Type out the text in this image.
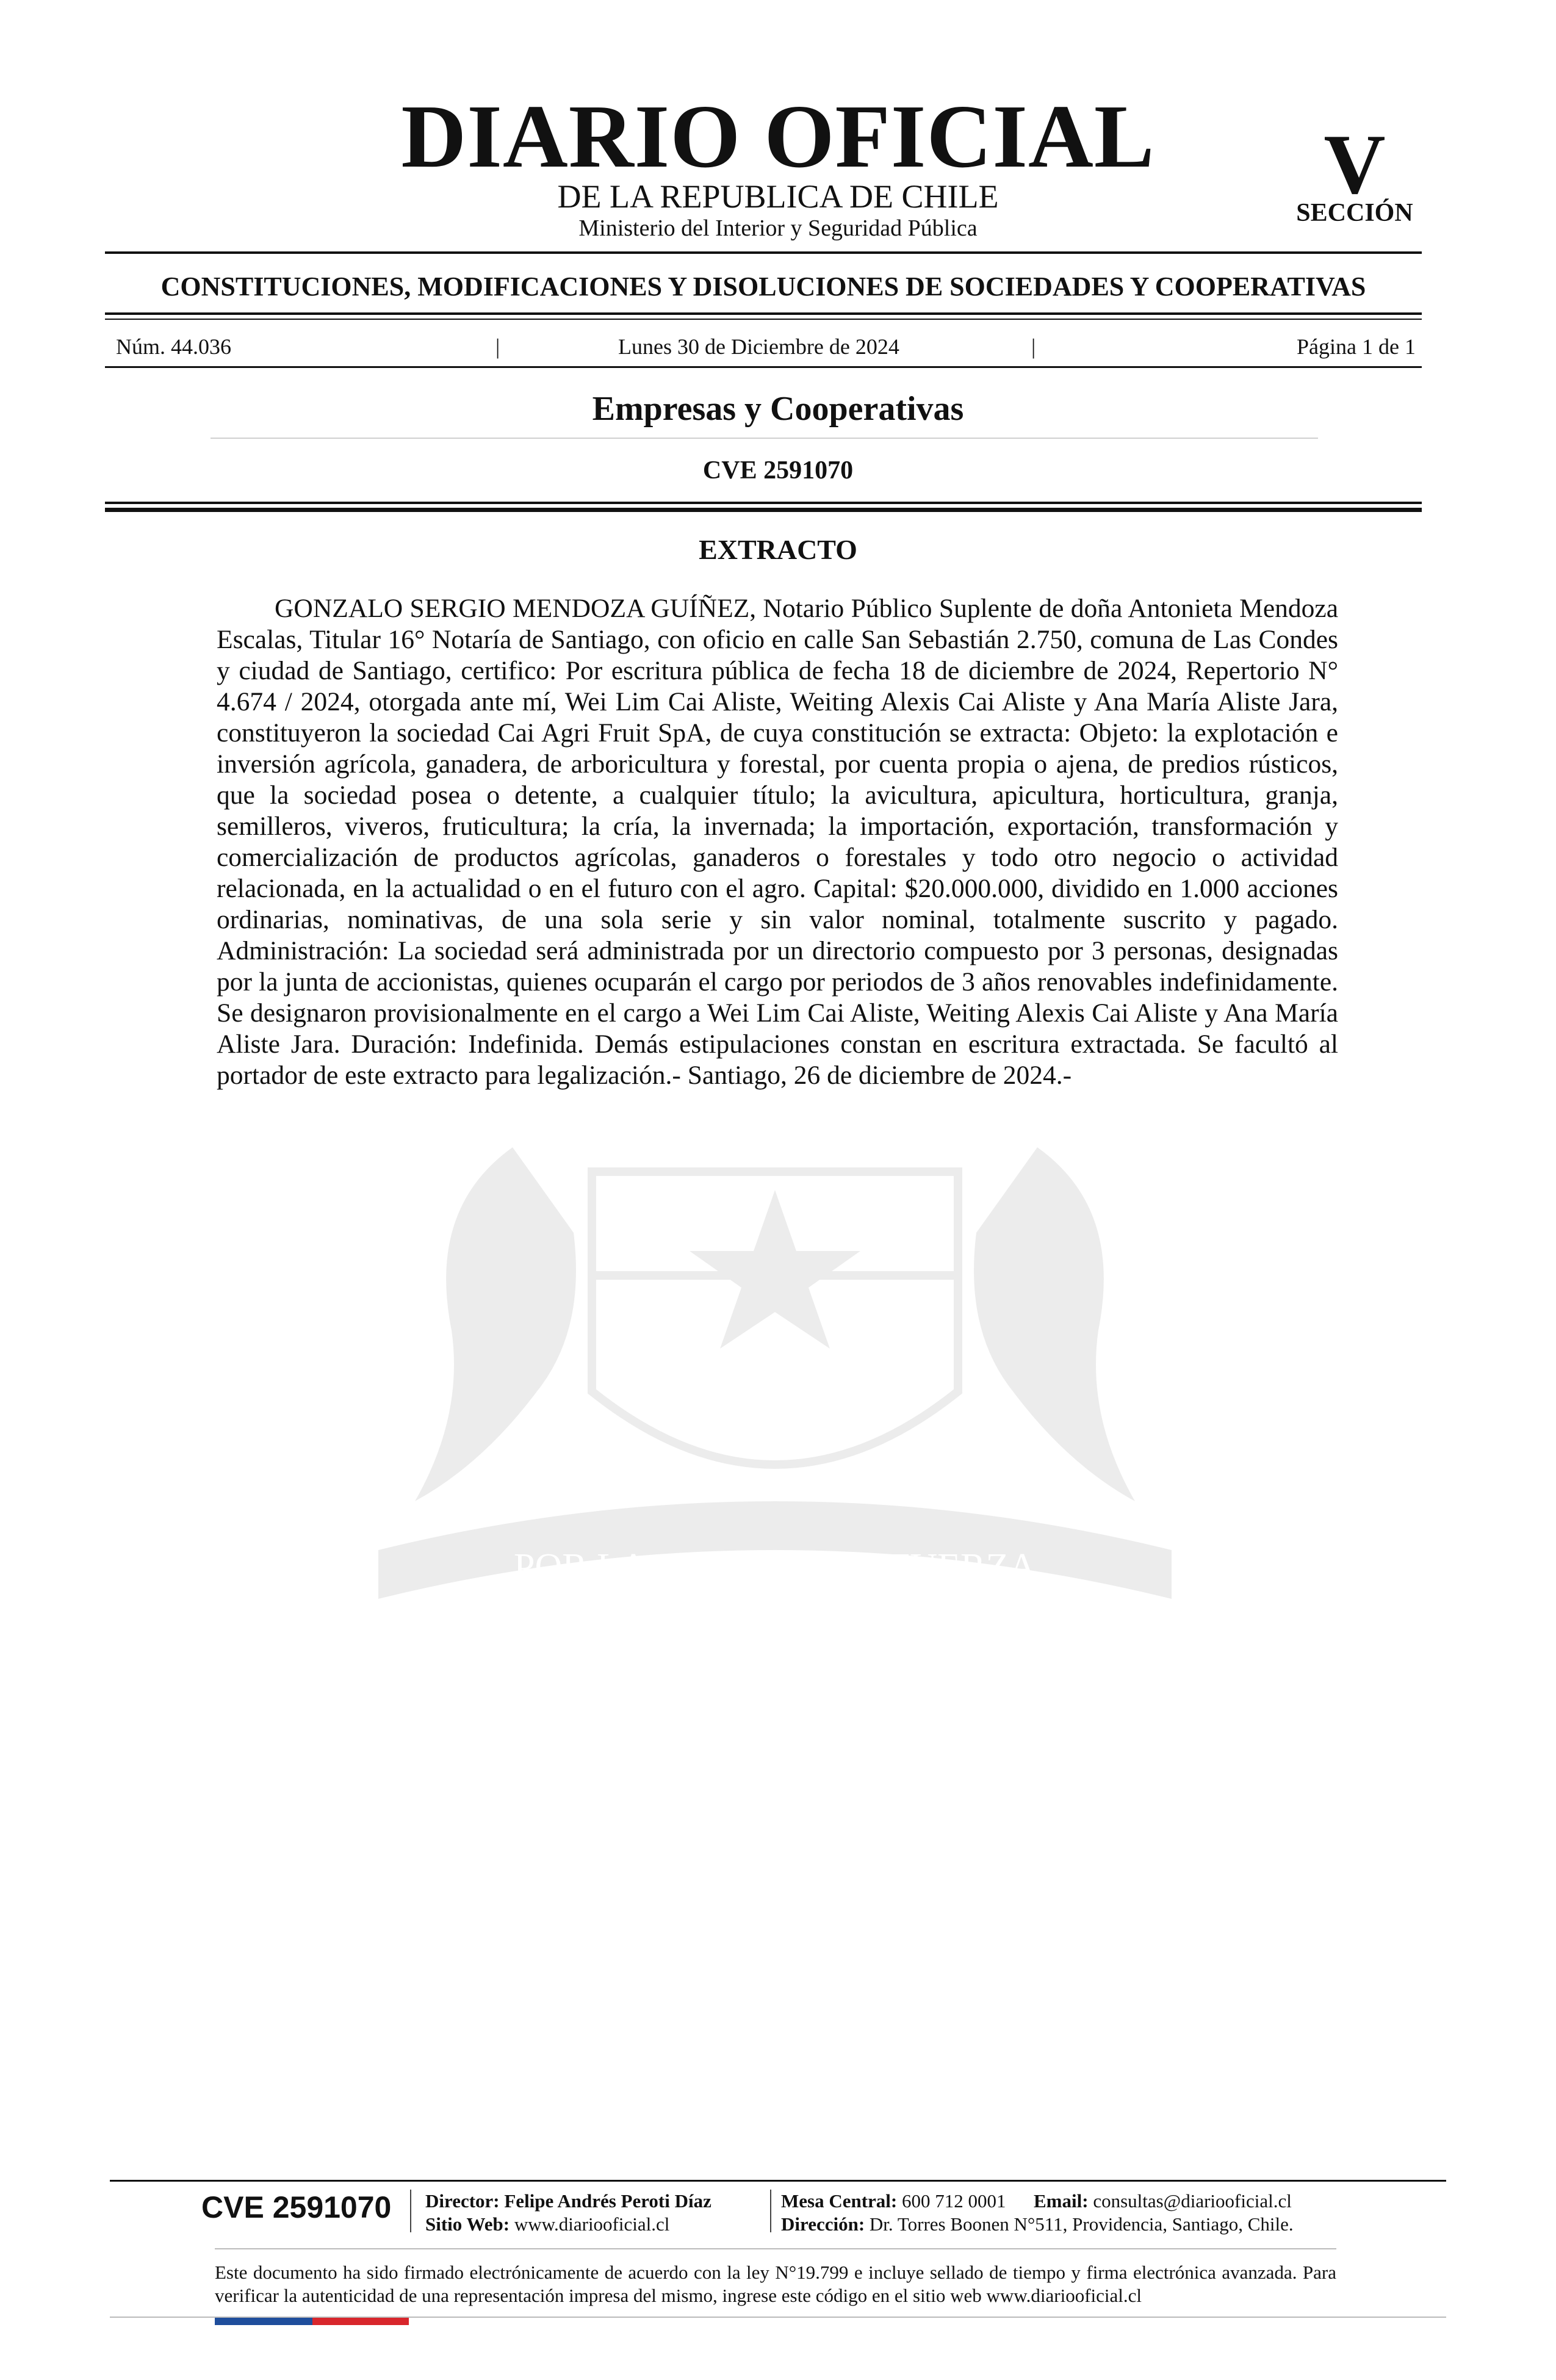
DIARIO OFICIAL
DE LA REPUBLICA DE CHILE
Ministerio del Interior y Seguridad Pública
V
SECCIÓN
CONSTITUCIONES, MODIFICACIONES Y DISOLUCIONES DE SOCIEDADES Y COOPERATIVAS
Núm. 44.036	|	Lunes 30 de Diciembre de 2024	|	Página 1 de 1
Empresas y Cooperativas
CVE 2591070
POR LA RAZON O LA FUERZA
EXTRACTO

GONZALO SERGIO MENDOZA GUÍÑEZ, Notario Público Suplente de doña Antonieta Mendoza Escalas, Titular 16° Notaría de Santiago, con oficio en calle San Sebastián 2.750, comuna de Las Condes y ciudad de Santiago, certifico: Por escritura pública de fecha 18 de diciembre de 2024, Repertorio N° 4.674 / 2024, otorgada ante mí, Wei Lim Cai Aliste, Weiting Alexis Cai Aliste y Ana María Aliste Jara, constituyeron la sociedad Cai Agri Fruit SpA, de cuya constitución se extracta: Objeto: la explotación e inversión agrícola, ganadera, de arboricultura y forestal, por cuenta propia o ajena, de predios rústicos, que la sociedad posea o detente, a cualquier título; la avicultura, apicultura, horticultura, granja, semilleros, viveros, fruticultura; la cría, la invernada; la importación, exportación, transformación y comercialización de productos agrícolas, ganaderos o forestales y todo otro negocio o actividad relacionada, en la actualidad o en el futuro con el agro. Capital: $20.000.000, dividido en 1.000 acciones ordinarias, nominativas, de una sola serie y sin valor nominal, totalmente suscrito y pagado. Administración: La sociedad será administrada por un directorio compuesto por 3 personas, designadas por la junta de accionistas, quienes ocuparán el cargo por periodos de 3 años renovables indefinidamente. Se designaron provisionalmente en el cargo a Wei Lim Cai Aliste, Weiting Alexis Cai Aliste y Ana María Aliste Jara. Duración: Indefinida. Demás estipulaciones constan en escritura extractada. Se facultó al portador de este extracto para legalización.- Santiago, 26 de diciembre de 2024.-

CVE 2591070 Director: Felipe Andrés Peroti Díaz
Sitio Web: www.diariooficial.cl
Mesa Central: 600 712 0001 Email: consultas@diariooficial.cl
Dirección: Dr. Torres Boonen N°511, Providencia, Santiago, Chile.
Este documento ha sido firmado electrónicamente de acuerdo con la ley N°19.799 e incluye sellado de tiempo y firma electrónica avanzada. Para verificar la autenticidad de una representación impresa del mismo, ingrese este código en el sitio web www.diariooficial.cl
